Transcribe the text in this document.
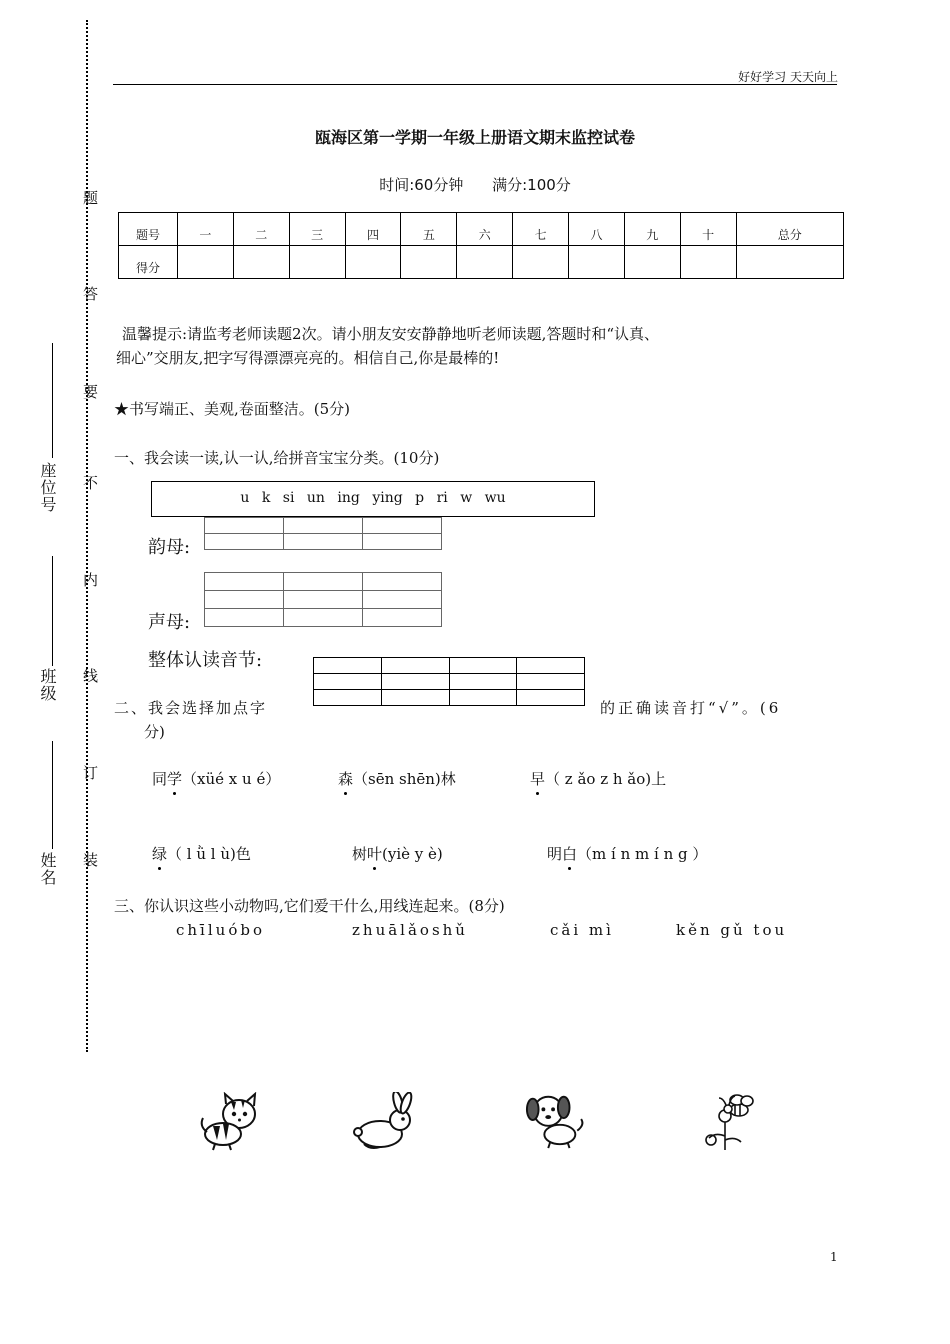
好好学习 天天向上
题
答
要
不
内
线
订
装
座位号
班级
姓名
瓯海区第一学期一年级上册语文期末监控试卷
时间:60分钟 满分:100分
题号	一	二	三	四	五	六	七	八	九	十	总分
得分											
温馨提示:请监考老师读题2次。请小朋友安安静静地听老师读题,答题时和“认真、
细心”交朋友,把字写得漂漂亮亮的。相信自己,你是最棒的!
★书写端正、美观,卷面整洁。(5分)
一、我会读一读,认一认,给拼音宝宝分类。(10分)
u k si un ing ying p ri w wu

韵母:

声母:
整体认读音节:

二、我会选择加点字	的正确读音打“√”。(6
分)
同学（xüé x u é）	森（sēn shēn)林	早（ z ǎo z h ǎo)上
绿（ l ǜ l ù)色	树叶(yiè y è)	明白（m í n m í n g ）
三、你认识这些小动物吗,它们爱干什么,用线连起来。(8分)
chīluóbo	zhuālǎoshǔ	cǎi mì	kěn gǔ tou
1
